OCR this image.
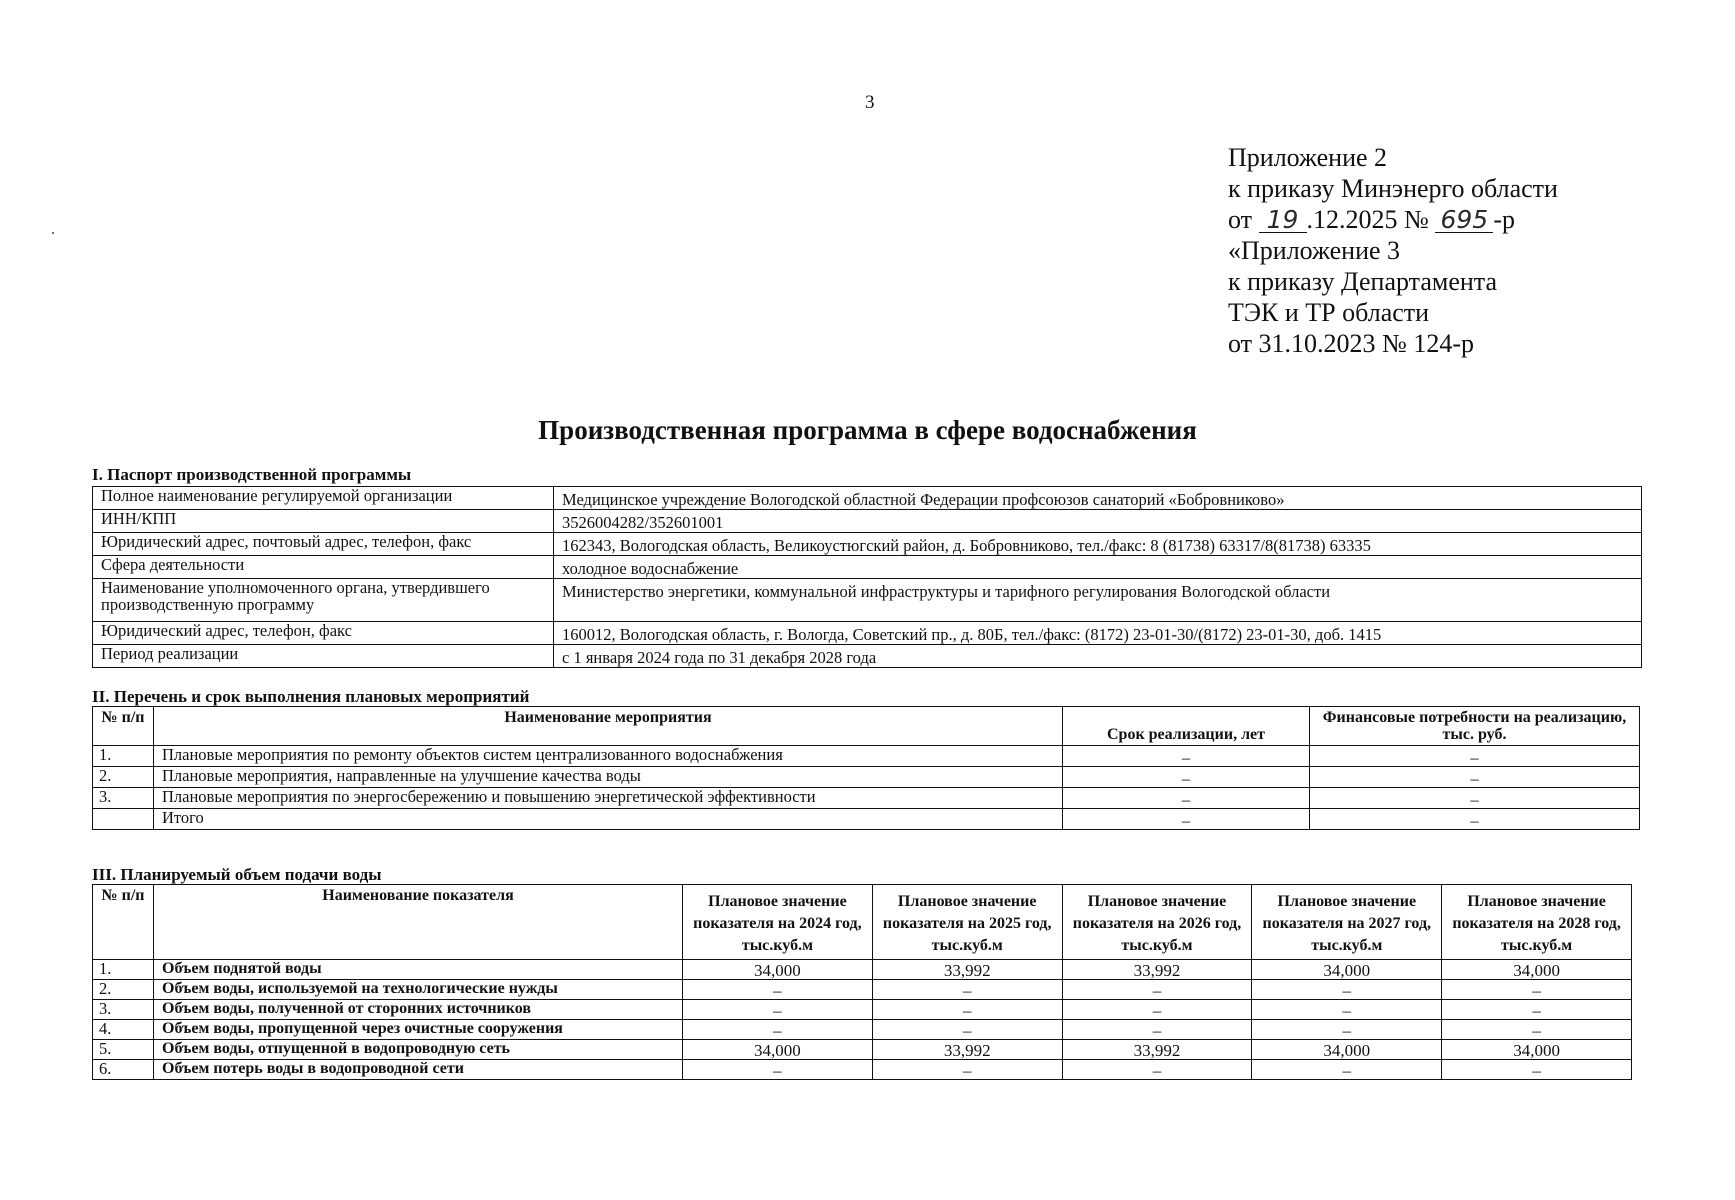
3
Приложение 2
к приказу Минэнерго области
от 19 .12.2025 № 695 -р
«Приложение 3
к приказу Департамента
ТЭК и ТР области
от 31.10.2023 № 124-р
Производственная программа в сфере водоснабжения
I. Паспорт производственной программы
Полное наименование регулируемой организации	Медицинское учреждение Вологодской областной Федерации профсоюзов санаторий «Бобровниково»
ИНН/КПП	3526004282/352601001
Юридический адрес, почтовый адрес, телефон, факс	162343, Вологодская область, Великоустюгский район, д. Бобровниково, тел./факс: 8 (81738) 63317/8(81738) 63335
Сфера деятельности	холодное водоснабжение
Наименование уполномоченного органа, утвердившего производственную программу	Министерство энергетики, коммунальной инфраструктуры и тарифного регулирования Вологодской области
Юридический адрес, телефон, факс	160012, Вологодская область, г. Вологда, Советский пр., д. 80Б, тел./факс: (8172) 23-01-30/(8172) 23-01-30, доб. 1415
Период реализации	с 1 января 2024 года по 31 декабря 2028 года
II. Перечень и срок выполнения плановых мероприятий
№ п/п	Наименование мероприятия	Срок реализации, лет	Финансовые потребности на реализацию, тыс. руб.
1.	Плановые мероприятия по ремонту объектов систем централизованного водоснабжения	–	–
2.	Плановые мероприятия, направленные на улучшение качества воды	–	–
3.	Плановые мероприятия по энергосбережению и повышению энергетической эффективности	–	–
	Итого	–	–
III. Планируемый объем подачи воды
№ п/п	Наименование показателя	Плановое значение показателя на 2024 год, тыс.куб.м	Плановое значение показателя на 2025 год, тыс.куб.м	Плановое значение показателя на 2026 год, тыс.куб.м	Плановое значение показателя на 2027 год, тыс.куб.м	Плановое значение показателя на 2028 год, тыс.куб.м
1.	Объем поднятой воды	34,000	33,992	33,992	34,000	34,000
2.	Объем воды, используемой на технологические нужды	–	–	–	–	–
3.	Объем воды, полученной от сторонних источников	–	–	–	–	–
4.	Объем воды, пропущенной через очистные сооружения	–	–	–	–	–
5.	Объем воды, отпущенной в водопроводную сеть	34,000	33,992	33,992	34,000	34,000
6.	Объем потерь воды в водопроводной сети	–	–	–	–	–
